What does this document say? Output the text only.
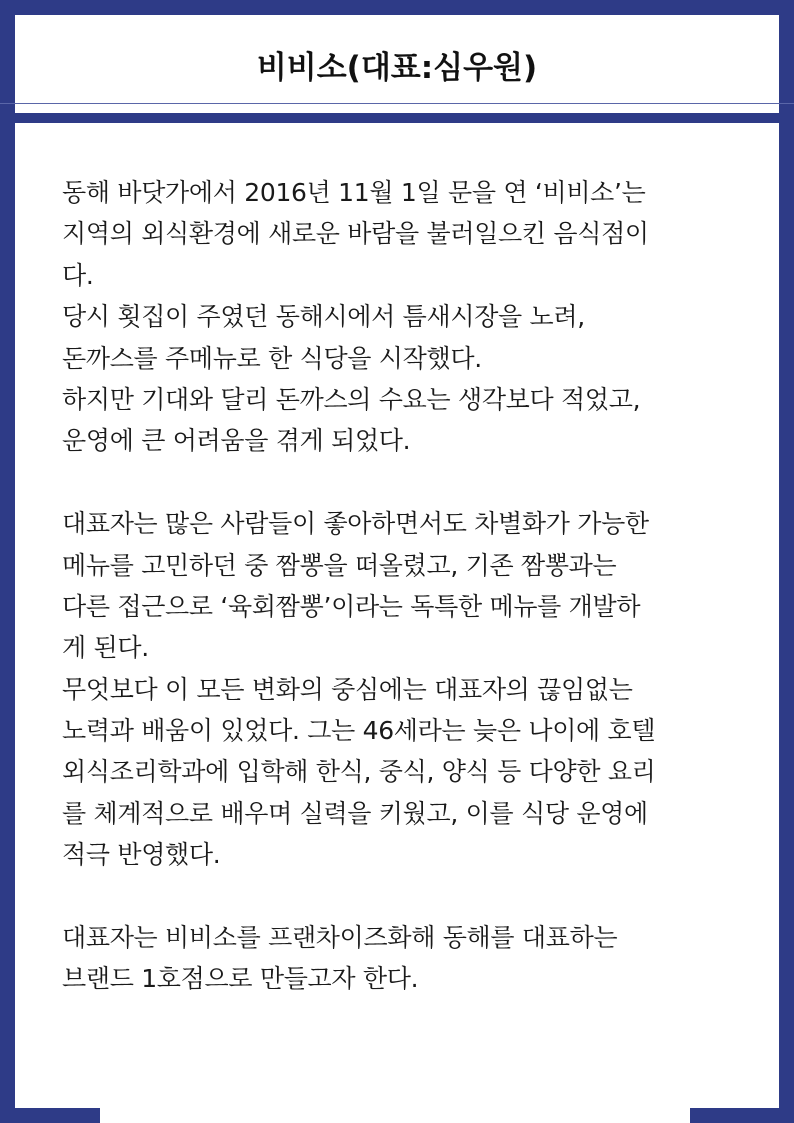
비비소(대표:심우원)
동해 바닷가에서 2016년 11월 1일 문을 연 ‘비비소’는
지역의 외식환경에 새로운 바람을 불러일으킨 음식점이
다.
당시 횟집이 주였던 동해시에서 틈새시장을 노려,
돈까스를 주메뉴로 한 식당을 시작했다.
하지만 기대와 달리 돈까스의 수요는 생각보다 적었고,
운영에 큰 어려움을 겪게 되었다.
대표자는 많은 사람들이 좋아하면서도 차별화가 가능한
메뉴를 고민하던 중 짬뽕을 떠올렸고, 기존 짬뽕과는
다른 접근으로 ‘육회짬뽕’이라는 독특한 메뉴를 개발하
게 된다.
무엇보다 이 모든 변화의 중심에는 대표자의 끊임없는
노력과 배움이 있었다. 그는 46세라는 늦은 나이에 호텔
외식조리학과에 입학해 한식, 중식, 양식 등 다양한 요리
를 체계적으로 배우며 실력을 키웠고, 이를 식당 운영에
적극 반영했다.
대표자는 비비소를 프랜차이즈화해 동해를 대표하는
브랜드 1호점으로 만들고자 한다.
